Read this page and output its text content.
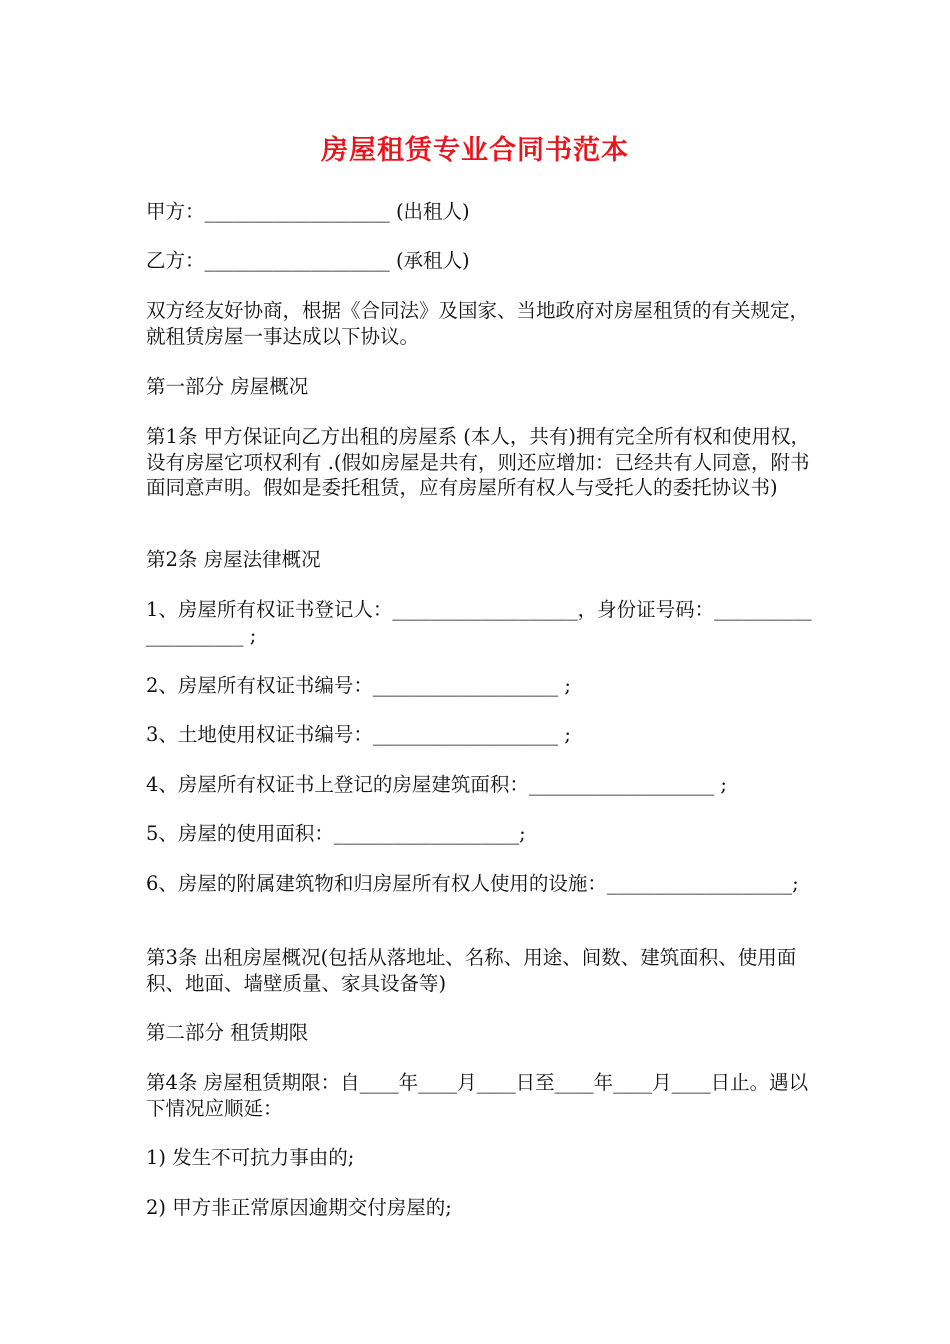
房屋租赁专业合同书范本

甲方：___________________ (出租人)

乙方：___________________ (承租人)

双方经友好协商，根据《合同法》及国家、当地政府对房屋租赁的有关规定，就租赁房屋一事达成以下协议。

第一部分 房屋概况

第1条 甲方保证向乙方出租的房屋系 (本人，共有)拥有完全所有权和使用权，设有房屋它项权利有 .(假如房屋是共有，则还应增加：已经共有人同意，附书面同意声明。假如是委托租赁，应有房屋所有权人与受托人的委托协议书)

第2条 房屋法律概况

1、房屋所有权证书登记人：___________________，身份证号码：____________________ ;

2、房屋所有权证书编号：___________________ ;

3、土地使用权证书编号：___________________ ;

4、房屋所有权证书上登记的房屋建筑面积：___________________ ;

5、房屋的使用面积：___________________;

6、房屋的附属建筑物和归房屋所有权人使用的设施：___________________;

第3条 出租房屋概况(包括从落地址、名称、用途、间数、建筑面积、使用面积、地面、墙壁质量、家具设备等)

第二部分 租赁期限

第4条 房屋租赁期限：自____年____月____日至____年____月____日止。遇以下情况应顺延：

1) 发生不可抗力事由的;

2) 甲方非正常原因逾期交付房屋的;
